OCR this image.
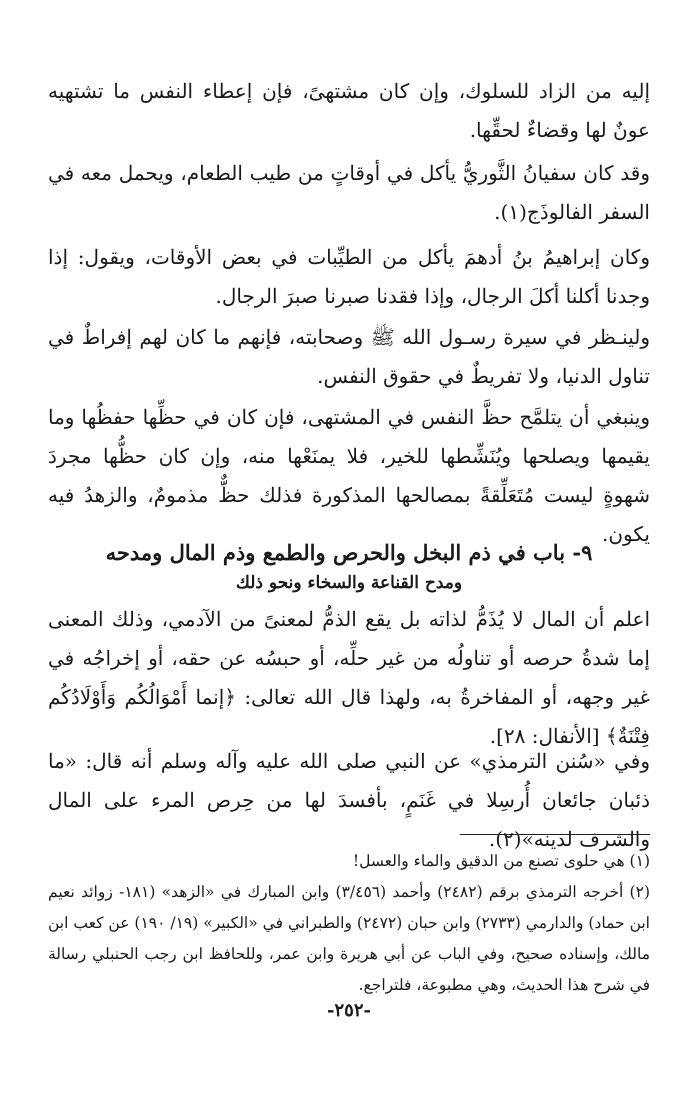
إليه من الزاد للسلوك، وإن كان مشتهىً، فإن إعطاء النفس ما تشتهيه عونٌ لها وقضاءٌ لحقِّها.

وقد كان سفيانُ الثَّوريُّ يأكل في أوقاتٍ من طيب الطعام، ويحمل معه في السفر الفالوذَج(١).

وكان إبراهيمُ بنُ أدهمَ يأكل من الطيِّبات في بعض الأوقات، ويقول: إذا وجدنا أكلنا أكلَ الرجال، وإذا فقدنا صبرنا صبرَ الرجال.

ولينـظر في سيرة رسـول الله ﷺ وصحابته، فإنهم ما كان لهم إفراطٌ في تناول الدنيا، ولا تفريطٌ في حقوق النفس.

وينبغي أن يتلمَّح حظَّ النفس في المشتهى، فإن كان في حظِّها حفظُها وما يقيمها ويصلحها ويُنَشِّطها للخير، فلا يمنَعْها منه، وإن كان حظُّها مجردَ شهوةٍ ليست مُتَعَلِّقةً بمصالحها المذكورة فذلك حظٌّ مذمومٌ، والزهدُ فيه يكون.

٩- باب في ذم البخل والحرص والطمع وذم المال ومدحه
ومدح القناعة والسخاء ونحو ذلك

اعلم أن المال لا يُذَمُّ لذاته بل يقع الذمُّ لمعنىً من الآدمي، وذلك المعنى إما شدةُ حرصه أو تناولُه من غير حلِّه، أو حبسُه عن حقه، أو إخراجُه في غير وجهه، أو المفاخرةُ به، ولهذا قال الله تعالى: ﴿إنما أَمْوَالُكُم وَأَوْلَادُكُم فِتْنَةٌ﴾ [الأنفال: ٢٨].

وفي «سُنن الترمذي» عن النبي صلى الله عليه وآله وسلم أنه قال: «ما ذئبان جائعان أُرسِلا في غَنَمٍ، بأفسدَ لها من حِرص المرء على المال والشرف لدينه»(٢).

(١) هي حلوى تصنع من الدقيق والماء والعسل!
(٢) أخرجه الترمذي برقم (٢٤٨٢) وأحمد (٣/٤٥٦) وابن المبارك في «الزهد» (١٨١- زوائد نعيم ابن حماد) والدارمي (٢٧٣٣) وابن حبان (٢٤٧٢) والطبراني في «الكبير» (١٩/ ١٩٠) عن كعب ابن مالك، وإسناده صحيح، وفي الباب عن أبي هريرة وابن عمر، وللحافظ ابن رجب الحنبلي رسالة في شرح هذا الحديث، وهي مطبوعة، فلتراجع.
-٢٥٢-
